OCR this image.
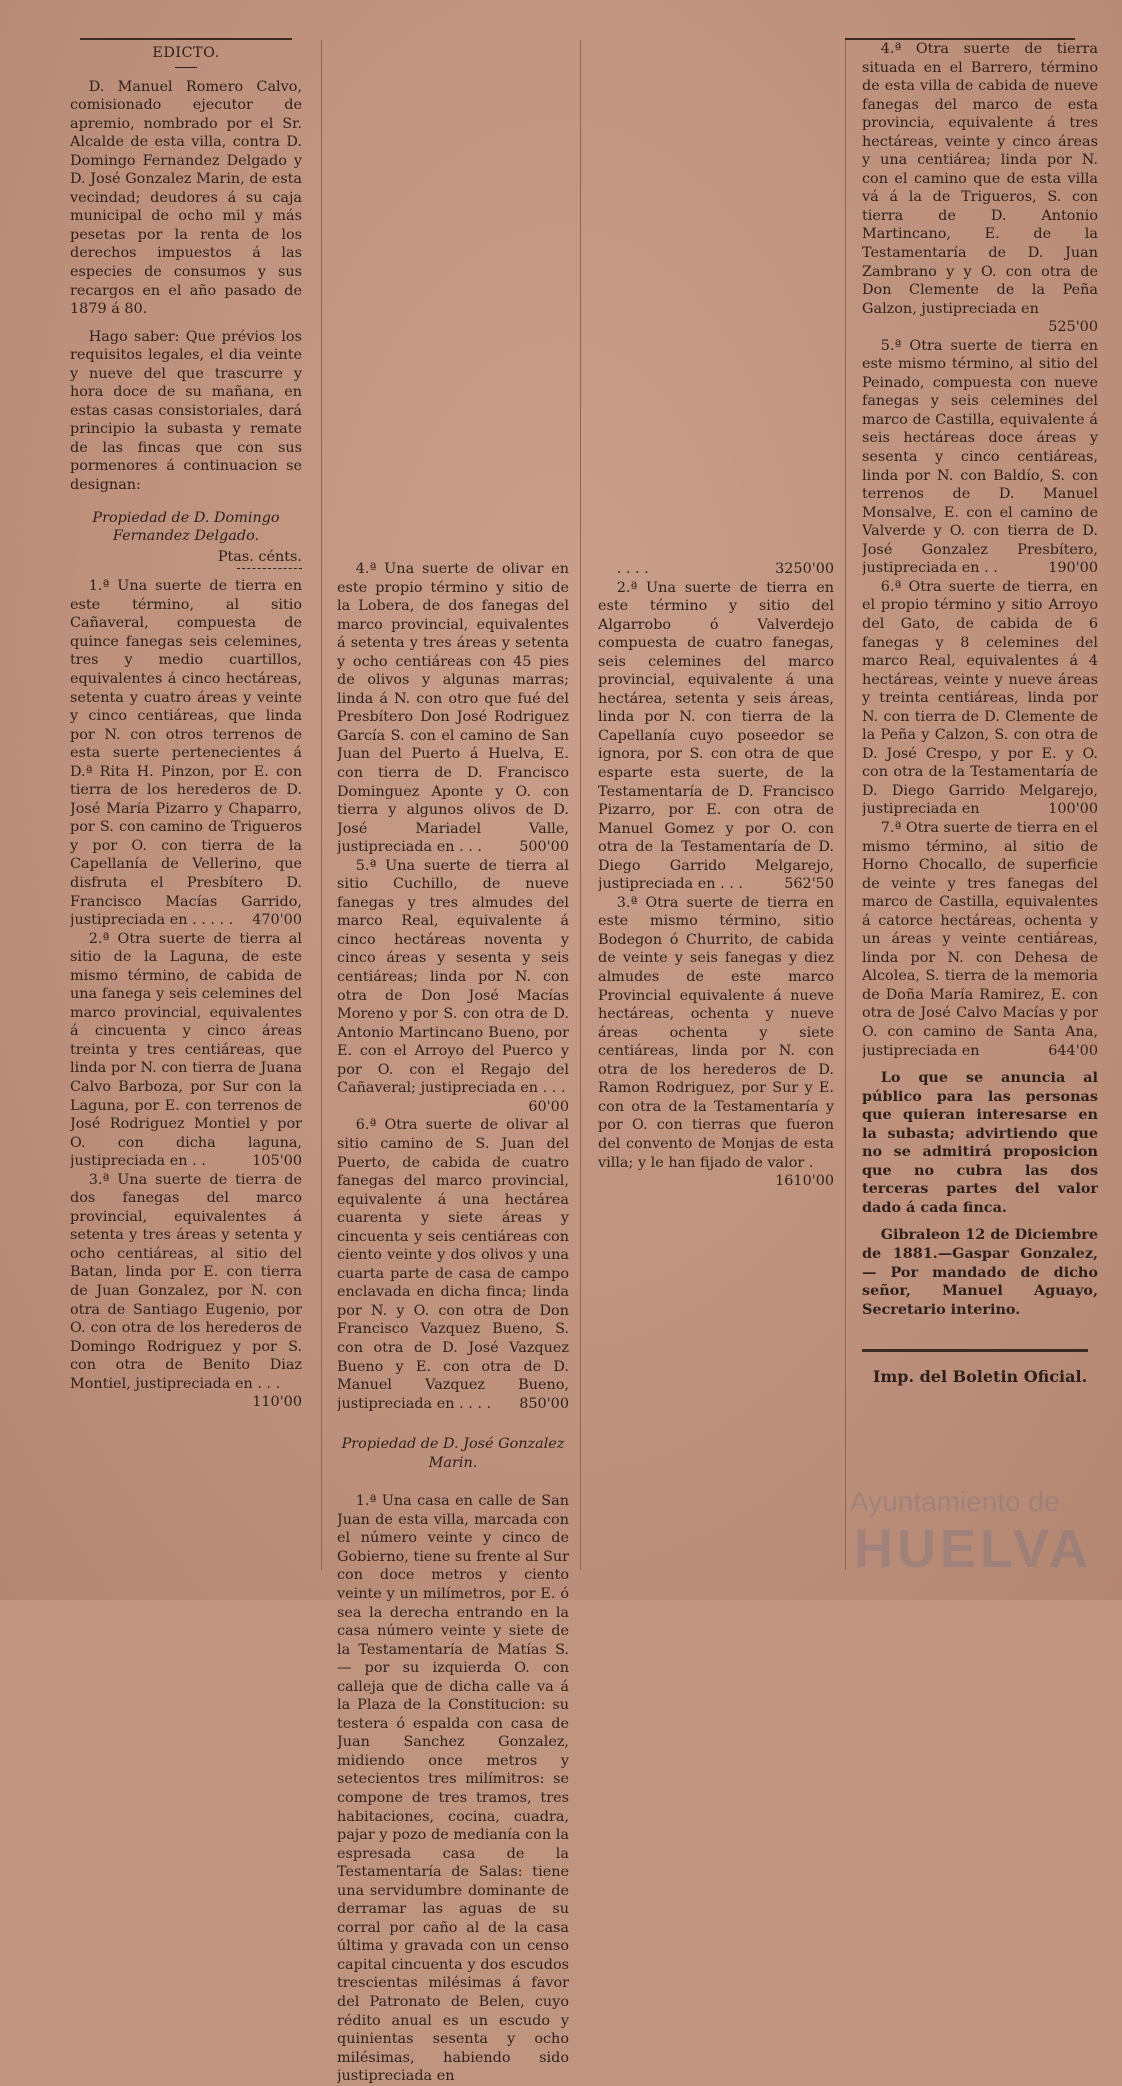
EDICTO.

D. Manuel Romero Calvo, comisionado ejecutor de apremio, nombrado por el Sr. Alcalde de esta villa, contra D. Domingo Fernandez Delgado y D. José Gonzalez Marin, de esta vecindad; deudores á su caja municipal de ocho mil y más pesetas por la renta de los derechos impuestos á las especies de consumos y sus recargos en el año pasado de 1879 á 80.

Hago saber: Que prévios los requisitos legales, el dia veinte y nueve del que trascurre y hora doce de su mañana, en estas casas consistoriales, dará principio la subasta y remate de las fincas que con sus pormenores á continuacion se designan:

Propiedad de D. Domingo Fernandez Delgado.

Ptas. cénts.

1.ª Una suerte de tierra en este término, al sitio Cañaveral, compuesta de quince fanegas seis celemines, tres y medio cuartillos, equivalentes á cinco hectáreas, setenta y cuatro áreas y veinte y cinco centiáreas, que linda por N. con otros terrenos de esta suerte pertenecientes á D.ª Rita H. Pinzon, por E. con tierra de los herederos de D. José María Pizarro y Chaparro, por S. con camino de Trigueros y por O. con tierra de la Capellanía de Vellerino, que disfruta el Presbítero D. Francisco Macías Garrido, justipreciada en . . . . .	470'00

2.ª Otra suerte de tierra al sitio de la Laguna, de este mismo término, de cabida de una fanega y seis celemines del marco provincial, equivalentes á cincuenta y cinco áreas treinta y tres centiáreas, que linda por N. con tierra de Juana Calvo Barboza, por Sur con la Laguna, por E. con terrenos de José Rodriguez Montiel y por O. con dicha laguna, justipreciada en . .	105'00

3.ª Una suerte de tierra de dos fanegas del marco provincial, equivalentes á setenta y tres áreas y setenta y ocho centiáreas, al sitio del Batan, linda por E. con tierra de Juan Gonzalez, por N. con otra de Santiago Eugenio, por O. con otra de los herederos de Domingo Rodriguez y por S. con otra de Benito Diaz Montiel, justipreciada en . . .
110'00

4.ª Una suerte de olivar en este propio término y sitio de la Lobera, de dos fanegas del marco provincial, equivalentes á setenta y tres áreas y setenta y ocho centiáreas con 45 pies de olivos y algunas marras; linda á N. con otro que fué del Presbítero Don José Rodriguez García S. con el camino de San Juan del Puerto á Huelva, E. con tierra de D. Francisco Dominguez Aponte y O. con tierra y algunos olivos de D. José Mariadel Valle, justipreciada en . . .	500'00

5.ª Una suerte de tierra al sitio Cuchillo, de nueve fanegas y tres almudes del marco Real, equivalente á cinco hectáreas noventa y cinco áreas y sesenta y seis centiáreas; linda por N. con otra de Don José Macías Moreno y por S. con otra de D. Antonio Martincano Bueno, por E. con el Arroyo del Puerco y por O. con el Regajo del Cañaveral; justipreciada en . . .
60'00

6.ª Otra suerte de olivar al sitio camino de S. Juan del Puerto, de cabida de cuatro fanegas del marco provincial, equivalente á una hectárea cuarenta y siete áreas y cincuenta y seis centiáreas con ciento veinte y dos olivos y una cuarta parte de casa de campo enclavada en dicha finca; linda por N. y O. con otra de Don Francisco Vazquez Bueno, S. con otra de D. José Vazquez Bueno y E. con otra de D. Manuel Vazquez Bueno, justipreciada en . . . .	850'00

Propiedad de D. José Gonzalez Marin.

1.ª Una casa en calle de San Juan de esta villa, marcada con el número veinte y cinco de Gobierno, tiene su frente al Sur con doce metros y ciento veinte y un milímetros, por E. ó sea la derecha entrando en la casa número veinte y siete de la Testamentaría de Matías S. — por su izquierda O. con calleja que de dicha calle va á la Plaza de la Constitucion: su testera ó espalda con casa de Juan Sanchez Gonzalez, midiendo once metros y setecientos tres milímitros: se compone de tres tramos, tres habitaciones, cocina, cuadra, pajar y pozo de medianía con la espresada casa de la Testamentaría de Salas: tiene una servidumbre dominante de derramar las aguas de su corral por caño al de la casa última y gravada con un censo capital cincuenta y dos escudos trescientas milésimas á favor del Patronato de Belen, cuyo rédito anual es un escudo y quinientas sesenta y ocho milésimas, habiendo sido justipreciada en

. . . .	3250'00

2.ª Una suerte de tierra en este término y sitio del Algarrobo ó Valverdejo compuesta de cuatro fanegas, seis celemines del marco provincial, equivalente á una hectárea, setenta y seis áreas, linda por N. con tierra de la Capellanía cuyo poseedor se ignora, por S. con otra de que esparte esta suerte, de la Testamentaría de D. Francisco Pizarro, por E. con otra de Manuel Gomez y por O. con otra de la Testamentaría de D. Diego Garrido Melgarejo, justipreciada en . . .	562'50

3.ª Otra suerte de tierra en este mismo término, sitio Bodegon ó Churrito, de cabida de veinte y seis fanegas y diez almudes de este marco Provincial equivalente á nueve hectáreas, ochenta y nueve áreas ochenta y siete centiáreas, linda por N. con otra de los herederos de D. Ramon Rodriguez, por Sur y E. con otra de la Testamentaría y por O. con tierras que fueron del convento de Monjas de esta villa; y le han fijado de valor .
1610'00

4.ª Otra suerte de tierra situada en el Barrero, término de esta villa de cabida de nueve fanegas del marco de esta provincia, equivalente á tres hectáreas, veinte y cinco áreas y una centiárea; linda por N. con el camino que de esta villa vá á la de Trigueros, S. con tierra de D. Antonio Martincano, E. de la Testamentaría de D. Juan Zambrano y y O. con otra de Don Clemente de la Peña Galzon, justipreciada en
525'00

5.ª Otra suerte de tierra en este mismo término, al sitio del Peinado, compuesta con nueve fanegas y seis celemines del marco de Castilla, equivalente á seis hectáreas doce áreas y sesenta y cinco centiáreas, linda por N. con Baldío, S. con terrenos de D. Manuel Monsalve, E. con el camino de Valverde y O. con tierra de D. José Gonzalez Presbítero, justipreciada en . .	190'00

6.ª Otra suerte de tierra, en el propio término y sitio Arroyo del Gato, de cabida de 6 fanegas y 8 celemines del marco Real, equivalentes á 4 hectáreas, veinte y nueve áreas y treinta centiáreas, linda por N. con tierra de D. Clemente de la Peña y Calzon, S. con otra de D. José Crespo, y por E. y O. con otra de la Testamentaría de D. Diego Garrido Melgarejo, justipreciada en	100'00

7.ª Otra suerte de tierra en el mismo término, al sitio de Horno Chocallo, de superficie de veinte y tres fanegas del marco de Castilla, equivalentes á catorce hectáreas, ochenta y un áreas y veinte centiáreas, linda por N. con Dehesa de Alcolea, S. tierra de la memoria de Doña María Ramirez, E. con otra de José Calvo Macías y por O. con camino de Santa Ana, justipreciada en	644'00

Lo que se anuncia al público para las personas que quieran interesarse en la subasta; advirtiendo que no se admitirá proposicion que no cubra las dos terceras partes del valor dado á cada finca.

Gibraleon 12 de Diciembre de 1881.—Gaspar Gonzalez, — Por mandado de dicho señor, Manuel Aguayo, Secretario interino.

Imp. del Boletin Oficial.

Ayuntamiento de
HUELVA
